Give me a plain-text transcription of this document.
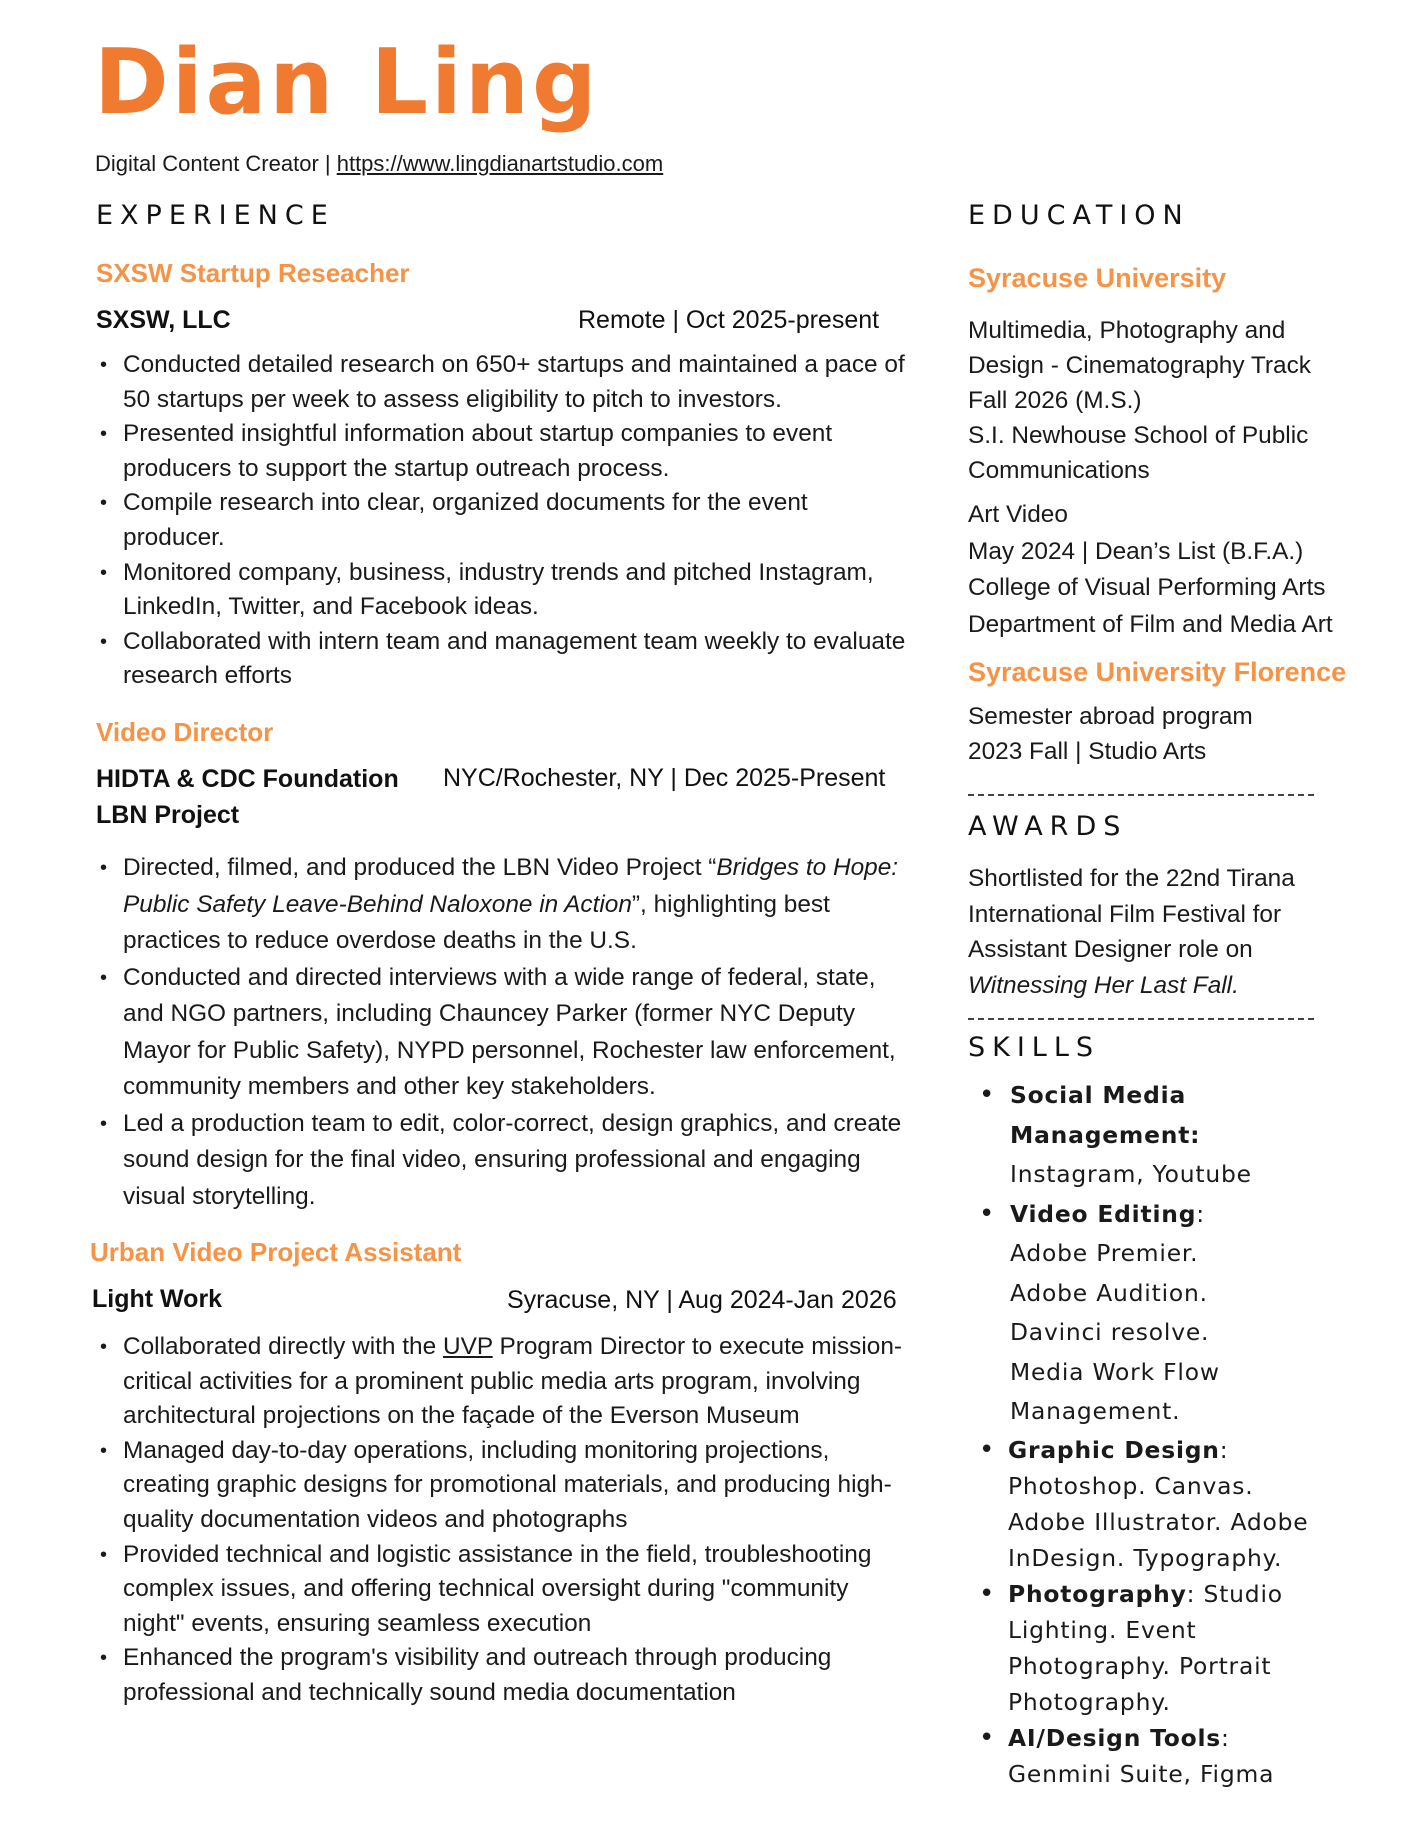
Dian Ling
Digital Content Creator | https://www.lingdianartstudio.com
EXPERIENCE
SXSW Startup Reseacher
SXSW, LLC	Remote | Oct 2025-present
• Conducted detailed research on 650+ startups and maintained a pace of 50 startups per week to assess eligibility to pitch to investors.
• Presented insightful information about startup companies to event producers to support the startup outreach process.
• Compile research into clear, organized documents for the event producer.
• Monitored company, business, industry trends and pitched Instagram, LinkedIn, Twitter, and Facebook ideas.
• Collaborated with intern team and management team weekly to evaluate research efforts
Video Director
HIDTA & CDC Foundation NYC/Rochester, NY | Dec 2025-Present
LBN Project
• Directed, filmed, and produced the LBN Video Project “Bridges to Hope: Public Safety Leave-Behind Naloxone in Action”, highlighting best practices to reduce overdose deaths in the U.S.
• Conducted and directed interviews with a wide range of federal, state, and NGO partners, including Chauncey Parker (former NYC Deputy Mayor for Public Safety), NYPD personnel, Rochester law enforcement, community members and other key stakeholders.
• Led a production team to edit, color-correct, design graphics, and create sound design for the final video, ensuring professional and engaging visual storytelling.
Urban Video Project Assistant
Light Work	Syracuse, NY | Aug 2024-Jan 2026
• Collaborated directly with the UVP Program Director to execute mission-critical activities for a prominent public media arts program, involving architectural projections on the façade of the Everson Museum
• Managed day-to-day operations, including monitoring projections, creating graphic designs for promotional materials, and producing high-quality documentation videos and photographs
• Provided technical and logistic assistance in the field, troubleshooting complex issues, and offering technical oversight during "community night" events, ensuring seamless execution
• Enhanced the program's visibility and outreach through producing professional and technically sound media documentation
EDUCATION
Syracuse University

Multimedia, Photography and Design - Cinematography Track

Fall 2026 (M.S.)

S.I. Newhouse School of Public Communications

Art Video

May 2024 | Dean’s List (B.F.A.)

College of Visual Performing Arts

Department of Film and Media Art

Syracuse University Florence

Semester abroad program

2023 Fall | Studio Arts

AWARDS
Shortlisted for the 22nd Tirana International Film Festival for Assistant Designer role on Witnessing Her Last Fall.
SKILLS
• Social Media Management: Instagram, Youtube
• Video Editing: Adobe Premier. Adobe Audition. Davinci resolve. Media Work Flow Management.
• Graphic Design: Photoshop. Canvas. Adobe Illustrator. Adobe InDesign. Typography.
• Photography: Studio Lighting. Event Photography. Portrait Photography.
• AI/Design Tools: Genmini Suite, Figma
